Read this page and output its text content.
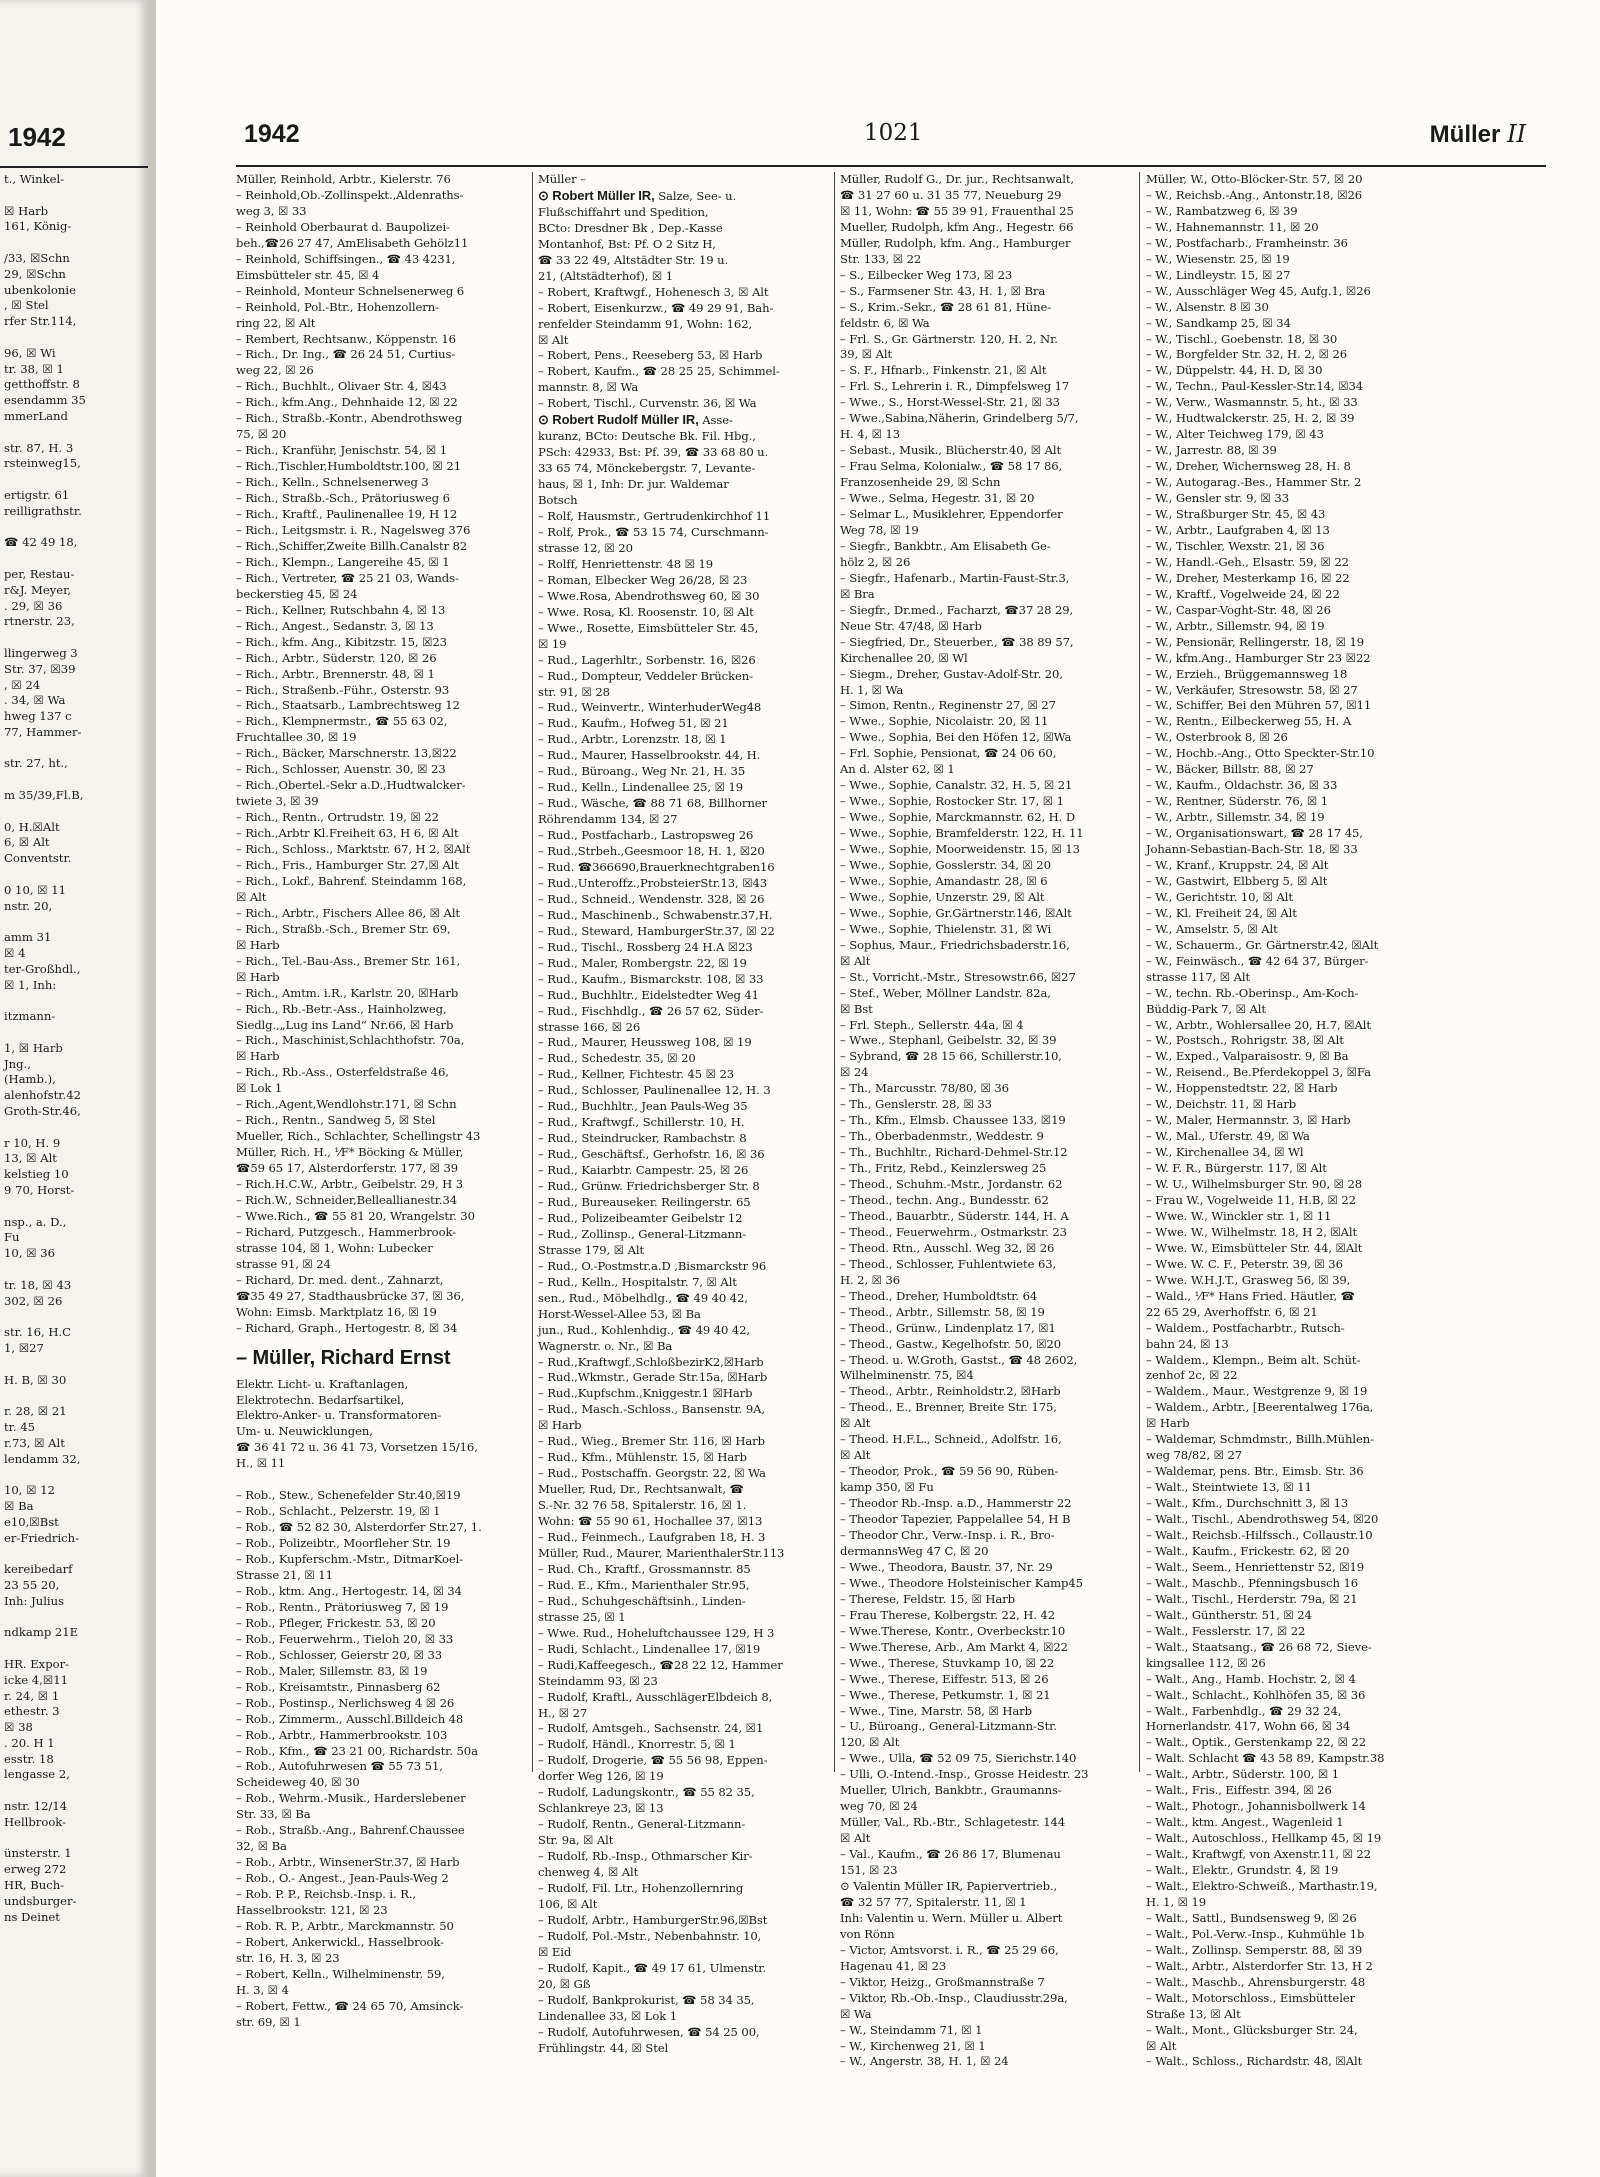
1942
t., Winkel-

☒ Harb
161, König-

/33, ☒Schn
29, ☒Schn
ubenkolonie
, ☒ Stel
rfer Str.114,

96, ☒ Wi
tr. 38, ☒ 1
getthoffstr. 8
esendamm 35
mmerLand

str. 87, H. 3
rsteinweg15,

ertigstr. 61
reilligrathstr.

☎ 42 49 18,

per, Restau-
r&J. Meyer,
. 29, ☒ 36
rtnerstr. 23,

llingerweg 3
Str. 37, ☒39
, ☒ 24
. 34, ☒ Wa
hweg 137 c
77, Hammer-

str. 27, ht.,

m 35/39,Fl.B,

0, H.☒Alt
6, ☒ Alt
Conventstr.

0 10, ☒ 11
nstr. 20,

amm 31
☒ 4
ter-Großhdl.,
☒ 1, Inh:

itzmann-

1, ☒ Harb
Jng.,
(Hamb.),
alenhofstr.42
Groth-Str.46,

r 10, H. 9
13, ☒ Alt
kelstieg 10
9 70, Horst-

nsp., a. D.,
Fu
10, ☒ 36

tr. 18, ☒ 43
302, ☒ 26

str. 16, H.C
1, ☒27

H. B, ☒ 30

r. 28, ☒ 21
tr. 45
r.73, ☒ Alt
lendamm 32,

10, ☒ 12
☒ Ba
e10,☒Bst
er-Friedrich-

kereibedarf
23 55 20,
Inh: Julius

ndkamp 21E

HR. Expor-
icke 4,☒11
r. 24, ☒ 1
ethestr. 3
☒ 38
. 20. H 1
esstr. 18
lengasse 2,

nstr. 12/14
Hellbrook-

ünsterstr. 1
erweg 272
HR, Buch-
undsburger-
ns Deinet
1942	1021	Müller II
Müller, Reinhold, Arbtr., Kielerstr. 76
– Reinhold,Ob.-Zollinspekt.,Aldenraths-
weg 3, ☒ 33
– Reinhold Oberbaurat d. Baupolizei-
beh.,☎26 27 47, AmElisabeth Gehölz11
– Reinhold, Schiffsingen., ☎ 43 4231,
Eimsbütteler str. 45, ☒ 4
– Reinhold, Monteur Schnelsenerweg 6
– Reinhold, Pol.-Btr., Hohenzollern-
ring 22, ☒ Alt
– Rembert, Rechtsanw., Köppenstr. 16
– Rich., Dr. Ing., ☎ 26 24 51, Curtius-
weg 22, ☒ 26
– Rich., Buchhlt., Olivaer Str. 4, ☒43
– Rich., kfm.Ang., Dehnhaide 12, ☒ 22
– Rich., Straßb.-Kontr., Abendrothsweg
75, ☒ 20
– Rich., Kranführ, Jenischstr. 54, ☒ 1
– Rich.,Tischler,Humboldtstr.100, ☒ 21
– Rich., Kelln., Schnelsenerweg 3
– Rich., Straßb.-Sch., Prätoriusweg 6
– Rich., Kraftf., Paulinenallee 19, H 12
– Rich., Leitgsmstr. i. R., Nagelsweg 376
– Rich.,Schiffer,Zweite Billh.Canalstr 82
– Rich., Klempn., Langereihe 45, ☒ 1
– Rich., Vertreter, ☎ 25 21 03, Wands-
beckerstieg 45, ☒ 24
– Rich., Kellner, Rutschbahn 4, ☒ 13
– Rich., Angest., Sedanstr. 3, ☒ 13
– Rich., kfm. Ang., Kibitzstr. 15, ☒23
– Rich., Arbtr., Süderstr. 120, ☒ 26
– Rich., Arbtr., Brennerstr. 48, ☒ 1
– Rich., Straßenb.-Führ., Osterstr. 93
– Rich., Staatsarb., Lambrechtsweg 12
– Rich., Klempnermstr., ☎ 55 63 02,
Fruchtallee 30, ☒ 19
– Rich., Bäcker, Marschnerstr. 13,☒22
– Rich., Schlosser, Auenstr. 30, ☒ 23
– Rich.,Obertel.-Sekr a.D.,Hudtwalcker-
twiete 3, ☒ 39
– Rich., Rentn., Ortrudstr. 19, ☒ 22
– Rich.,Arbtr Kl.Freiheit 63, H 6, ☒ Alt
– Rich., Schloss., Marktstr. 67, H 2, ☒Alt
– Rich., Fris., Hamburger Str. 27,☒ Alt
– Rich., Lokf., Bahrenf. Steindamm 168,
☒ Alt
– Rich., Arbtr., Fischers Allee 86, ☒ Alt
– Rich., Straßb.-Sch., Bremer Str. 69,
☒ Harb
– Rich., Tel.-Bau-Ass., Bremer Str. 161,
☒ Harb
– Rich., Amtm. i.R., Karlstr. 20, ☒Harb
– Rich., Rb.-Betr.-Ass., Hainholzweg,
Siedlg.,„Lug ins Land“ Nr.66, ☒ Harb
– Rich., Maschinist,Schlachthofstr. 70a,
☒ Harb
– Rich., Rb.-Ass., Osterfeldstraße 46,
☒ Lok 1
– Rich.,Agent,Wendlohstr.171, ☒ Schn
– Rich., Rentn., Sandweg 5, ☒ Stel
Mueller, Rich., Schlachter, Schellingstr 43
Müller, Rich. H., ⅟F* Böcking & Müller,
☎59 65 17, Alsterdorferstr. 177, ☒ 39
– Rich.H.C.W., Arbtr., Geibelstr. 29, H 3
– Rich.W., Schneider,Belleallianestr.34
– Wwe.Rich., ☎ 55 81 20, Wrangelstr. 30
– Richard, Putzgesch., Hammerbrook-
strasse 104, ☒ 1, Wohn: Lubecker
strasse 91, ☒ 24
– Richard, Dr. med. dent., Zahnarzt,
☎35 49 27, Stadthausbrücke 37, ☒ 36,
Wohn: Eimsb. Marktplatz 16, ☒ 19
– Richard, Graph., Hertogestr. 8, ☒ 34
– Müller, Richard Ernst
Elektr. Licht- u. Kraftanlagen,
Elektrotechn. Bedarfsartikel,
Elektro-Anker- u. Transformatoren-
Um- u. Neuwicklungen,
☎ 36 41 72 u. 36 41 73, Vorsetzen 15/16,
H., ☒ 11

– Rob., Stew., Schenefelder Str.40,☒19
– Rob., Schlacht., Pelzerstr. 19, ☒ 1
– Rob., ☎ 52 82 30, Alsterdorfer Str.27, 1.
– Rob., Polizeibtr., Moorfleher Str. 19
– Rob., Kupferschm.-Mstr., DitmarKoel-
Strasse 21, ☒ 11
– Rob., ktm. Ang., Hertogestr. 14, ☒ 34
– Rob., Rentn., Prätoriusweg 7, ☒ 19
– Rob., Pfleger, Frickestr. 53, ☒ 20
– Rob., Feuerwehrm., Tieloh 20, ☒ 33
– Rob., Schlosser, Geierstr 20, ☒ 33
– Rob., Maler, Sillemstr. 83, ☒ 19
– Rob., Kreisamtstr., Pinnasberg 62
– Rob., Postinsp., Nerlichsweg 4 ☒ 26
– Rob., Zimmerm., Ausschl.Billdeich 48
– Rob., Arbtr., Hammerbrookstr. 103
– Rob., Kfm., ☎ 23 21 00, Richardstr. 50a
– Rob., Autofuhrwesen ☎ 55 73 51,
Scheideweg 40, ☒ 30
– Rob., Wehrm.-Musik., Harderslebener
Str. 33, ☒ Ba
– Rob., Straßb.-Ang., Bahrenf.Chaussee
32, ☒ Ba
– Rob., Arbtr., WinsenerStr.37, ☒ Harb
– Rob., O.- Angest., Jean-Pauls-Weg 2
– Rob. P. P., Reichsb.-Insp. i. R.,
Hasselbrookstr. 121, ☒ 23
– Rob. R. P., Arbtr., Marckmannstr. 50
– Robert, Ankerwickl., Hasselbrook-
str. 16, H. 3, ☒ 23
– Robert, Kelln., Wilhelminenstr. 59,
H. 3, ☒ 4
– Robert, Fettw., ☎ 24 65 70, Amsinck-
str. 69, ☒ 1
Müller –
⊙ Robert Müller IR, Salze, See- u.
Flußschiffahrt und Spedition,
BCto: Dresdner Bk , Dep.-Kasse
Montanhof, Bst: Pf. O 2 Sitz H,
☎ 33 22 49, Altstädter Str. 19 u.
21, (Altstädterhof), ☒ 1
– Robert, Kraftwgf., Hohenesch 3, ☒ Alt
– Robert, Eisenkurzw., ☎ 49 29 91, Bah-
renfelder Steindamm 91, Wohn: 162,
☒ Alt
– Robert, Pens., Reeseberg 53, ☒ Harb
– Robert, Kaufm., ☎ 28 25 25, Schimmel-
mannstr. 8, ☒ Wa
– Robert, Tischl., Curvenstr. 36, ☒ Wa
⊙ Robert Rudolf Müller IR, Asse-
kuranz, BCto: Deutsche Bk. Fil. Hbg.,
PSch: 42933, Bst: Pf. 39, ☎ 33 68 80 u.
33 65 74, Mönckebergstr. 7, Levante-
haus, ☒ 1, Inh: Dr. jur. Waldemar
Botsch
– Rolf, Hausmstr., Gertrudenkirchhof 11
– Rolf, Prok., ☎ 53 15 74, Curschmann-
strasse 12, ☒ 20
– Rolff, Henriettenstr. 48 ☒ 19
– Roman, Elbecker Weg 26/28, ☒ 23
– Wwe.Rosa, Abendrothsweg 60, ☒ 30
– Wwe. Rosa, Kl. Roosenstr. 10, ☒ Alt
– Wwe., Rosette, Eimsbütteler Str. 45,
☒ 19
– Rud., Lagerhltr., Sorbenstr. 16, ☒26
– Rud., Dompteur, Veddeler Brücken-
str. 91, ☒ 28
– Rud., Weinvertr., WinterhuderWeg48
– Rud., Kaufm., Hofweg 51, ☒ 21
– Rud., Arbtr., Lorenzstr. 18, ☒ 1
– Rud., Maurer, Hasselbrookstr. 44, H.
– Rud., Büroang., Weg Nr. 21, H. 35
– Rud., Kelln., Lindenallee 25, ☒ 19
– Rud., Wäsche, ☎ 88 71 68, Billhorner
Röhrendamm 134, ☒ 27
– Rud., Postfacharb., Lastropsweg 26
– Rud.,Strbeh.,Geesmoor 18, H. 1, ☒20
– Rud. ☎366690,Brauerknechtgraben16
– Rud.,Unteroffz.,ProbsteierStr.13, ☒43
– Rud., Schneid., Wendenstr. 328, ☒ 26
– Rud., Maschinenb., Schwabenstr.37,H.
– Rud., Steward, HamburgerStr.37, ☒ 22
– Rud., Tischl., Rossberg 24 H.A ☒23
– Rud., Maler, Rombergstr. 22, ☒ 19
– Rud., Kaufm., Bismarckstr. 108, ☒ 33
– Rud., Buchhltr., Eidelstedter Weg 41
– Rud., Fischhdlg., ☎ 26 57 62, Süder-
strasse 166, ☒ 26
– Rud., Maurer, Heussweg 108, ☒ 19
– Rud., Schedestr. 35, ☒ 20
– Rud., Kellner, Fichtestr. 45 ☒ 23
– Rud., Schlosser, Paulinenallee 12, H. 3
– Rud., Buchhltr., Jean Pauls-Weg 35
– Rud., Kraftwgf., Schillerstr. 10, H.
– Rud., Steindrucker, Rambachstr. 8
– Rud., Geschäftsf., Gerhofstr. 16, ☒ 36
– Rud., Kaiarbtr. Campestr. 25, ☒ 26
– Rud., Grünw. Friedrichsberger Str. 8
– Rud., Bureauseker. Reilingerstr. 65
– Rud., Polizeibeamter Geibelstr 12
– Rud., Zollinsp., General-Litzmann-
Strasse 179, ☒ Alt
– Rud., O.-Postmstr.a.D ,Bismarckstr 96
– Rud., Kelln., Hospitalstr. 7, ☒ Alt
sen., Rud., Möbelhdlg., ☎ 49 40 42,
Horst-Wessel-Allee 53, ☒ Ba
jun., Rud., Kohlenhdig., ☎ 49 40 42,
Wagnerstr. o. Nr., ☒ Ba
– Rud.,Kraftwgf.,SchloßbezirK2,☒Harb
– Rud.,Wkmstr., Gerade Str.15a, ☒Harb
– Rud.,Kupfschm.,Kniggestr.1 ☒Harb
– Rud., Masch.-Schloss., Bansenstr. 9A,
☒ Harb
– Rud., Wieg., Bremer Str. 116, ☒ Harb
– Rud., Kfm., Mühlenstr. 15, ☒ Harb
– Rud., Postschaffn. Georgstr. 22, ☒ Wa
Mueller, Rud, Dr., Rechtsanwalt, ☎
S.-Nr. 32 76 58, Spitalerstr. 16, ☒ 1.
Wohn: ☎ 55 90 61, Hochallee 37, ☒13
– Rud., Feinmech., Laufgraben 18, H. 3
Müller, Rud., Maurer, MarienthalerStr.113
– Rud. Ch., Kraftf., Grossmannstr. 85
– Rud. E., Kfm., Marienthaler Str.95,
– Rud., Schuhgeschäftsinh., Linden-
strasse 25, ☒ 1
– Wwe. Rud., Hoheluftchaussee 129, H 3
– Rudi, Schlacht., Lindenallee 17, ☒19
– Rudi,Kaffeegesch., ☎28 22 12, Hammer
Steindamm 93, ☒ 23
– Rudolf, Kraftl., AusschlägerElbdeich 8,
H., ☒ 27
– Rudolf, Amtsgeh., Sachsenstr. 24, ☒1
– Rudolf, Händl., Knorrestr. 5, ☒ 1
– Rudolf, Drogerie, ☎ 55 56 98, Eppen-
dorfer Weg 126, ☒ 19
– Rudolf, Ladungskontr., ☎ 55 82 35,
Schlankreye 23, ☒ 13
– Rudolf, Rentn., General-Litzmann-
Str. 9a, ☒ Alt
– Rudolf, Rb.-Insp., Othmarscher Kir-
chenweg 4, ☒ Alt
– Rudolf, Fil. Ltr., Hohenzollernring
106, ☒ Alt
– Rudolf, Arbtr., HamburgerStr.96,☒Bst
– Rudolf, Pol.-Mstr., Nebenbahnstr. 10,
☒ Eid
– Rudolf, Kapit., ☎ 49 17 61, Ulmenstr.
20, ☒ Gß
– Rudolf, Bankprokurist, ☎ 58 34 35,
Lindenallee 33, ☒ Lok 1
– Rudolf, Autofuhrwesen, ☎ 54 25 00,
Frühlingstr. 44, ☒ Stel
Müller, Rudolf G., Dr. jur., Rechtsanwalt,
☎ 31 27 60 u. 31 35 77, Neueburg 29
☒ 11, Wohn: ☎ 55 39 91, Frauenthal 25
Mueller, Rudolph, kfm Ang., Hegestr. 66
Müller, Rudolph, kfm. Ang., Hamburger
Str. 133, ☒ 22
– S., Eilbecker Weg 173, ☒ 23
– S., Farmsener Str. 43, H. 1, ☒ Bra
– S., Krim.-Sekr., ☎ 28 61 81, Hüne-
feldstr. 6, ☒ Wa
– Frl. S., Gr. Gärtnerstr. 120, H. 2, Nr.
39, ☒ Alt
– S. F., Hfnarb., Finkenstr. 21, ☒ Alt
– Frl. S., Lehrerin i. R., Dimpfelsweg 17
– Wwe., S., Horst-Wessel-Str. 21, ☒ 33
– Wwe.,Sabina,Näherin, Grindelberg 5/7,
H. 4, ☒ 13
– Sebast., Musik., Blücherstr.40, ☒ Alt
– Frau Selma, Kolonialw., ☎ 58 17 86,
Franzosenheide 29, ☒ Schn
– Wwe., Selma, Hegestr. 31, ☒ 20
– Selmar L., Musiklehrer, Eppendorfer
Weg 78, ☒ 19
– Siegfr., Bankbtr., Am Elisabeth Ge-
hölz 2, ☒ 26
– Siegfr., Hafenarb., Martin-Faust-Str.3,
☒ Bra
– Siegfr., Dr.med., Facharzt, ☎37 28 29,
Neue Str. 47/48, ☒ Harb
– Siegfried, Dr., Steuerber., ☎ 38 89 57,
Kirchenallee 20, ☒ Wl
– Siegm., Dreher, Gustav-Adolf-Str. 20,
H. 1, ☒ Wa
– Simon, Rentn., Reginenstr 27, ☒ 27
– Wwe., Sophie, Nicolaistr. 20, ☒ 11
– Wwe., Sophia, Bei den Höfen 12, ☒Wa
– Frl. Sophie, Pensionat, ☎ 24 06 60,
An d. Alster 62, ☒ 1
– Wwe., Sophie, Canalstr. 32, H. 5, ☒ 21
– Wwe., Sophie, Rostocker Str. 17, ☒ 1
– Wwe., Sophie, Marckmannstr. 62, H. D
– Wwe., Sophie, Bramfelderstr. 122, H. 11
– Wwe., Sophie, Moorweidenstr. 15, ☒ 13
– Wwe., Sophie, Gosslerstr. 34, ☒ 20
– Wwe., Sophie, Amandastr. 28, ☒ 6
– Wwe., Sophie, Unzerstr. 29, ☒ Alt
– Wwe., Sophie, Gr.Gärtnerstr.146, ☒Alt
– Wwe., Sophie, Thielenstr. 31, ☒ Wi
– Sophus, Maur., Friedrichsbaderstr.16,
☒ Alt
– St., Vorricht.-Mstr., Stresowstr.66, ☒27
– Stef., Weber, Möllner Landstr. 82a,
☒ Bst
– Frl. Steph., Sellerstr. 44a, ☒ 4
– Wwe., Stephanl, Geibelstr. 32, ☒ 39
– Sybrand, ☎ 28 15 66, Schillerstr.10,
☒ 24
– Th., Marcusstr. 78/80, ☒ 36
– Th., Genslerstr. 28, ☒ 33
– Th., Kfm., Elmsb. Chaussee 133, ☒19
– Th., Oberbadenmstr., Weddestr. 9
– Th., Buchhltr., Richard-Dehmel-Str.12
– Th., Fritz, Rebd., Keinzlersweg 25
– Theod., Schuhm.-Mstr., Jordanstr. 62
– Theod., techn. Ang., Bundesstr. 62
– Theod., Bauarbtr., Süderstr. 144, H. A
– Theod., Feuerwehrm., Ostmarkstr. 23
– Theod. Rtn., Ausschl. Weg 32, ☒ 26
– Theod., Schlosser, Fuhlentwiete 63,
H. 2, ☒ 36
– Theod., Dreher, Humboldtstr. 64
– Theod., Arbtr., Sillemstr. 58, ☒ 19
– Theod., Grünw., Lindenplatz 17, ☒1
– Theod., Gastw., Kegelhofstr. 50, ☒20
– Theod. u. W.Groth, Gastst., ☎ 48 2602,
Wilhelminenstr. 75, ☒4
– Theod., Arbtr., Reinholdstr.2, ☒Harb
– Theod., E., Brenner, Breite Str. 175,
☒ Alt
– Theod. H.F.L., Schneid., Adolfstr. 16,
☒ Alt
– Theodor, Prok., ☎ 59 56 90, Rüben-
kamp 350, ☒ Fu
– Theodor Rb.-Insp. a.D., Hammerstr 22
– Theodor Tapezier, Pappelallee 54, H B
– Theodor Chr., Verw.-Insp. i. R., Bro-
dermannsWeg 47 C, ☒ 20
– Wwe., Theodora, Baustr. 37, Nr. 29
– Wwe., Theodore Holsteinischer Kamp45
– Therese, Feldstr. 15, ☒ Harb
– Frau Therese, Kolbergstr. 22, H. 42
– Wwe.Therese, Kontr., Overbeckstr.10
– Wwe.Therese, Arb., Am Markt 4, ☒22
– Wwe., Therese, Stuvkamp 10, ☒ 22
– Wwe., Therese, Eiffestr. 513, ☒ 26
– Wwe., Therese, Petkumstr. 1, ☒ 21
– Wwe., Tine, Marstr. 58, ☒ Harb
– U., Büroang., General-Litzmann-Str.
120, ☒ Alt
– Wwe., Ulla, ☎ 52 09 75, Sierichstr.140
– Ulli, O.-Intend.-Insp., Grosse Heidestr. 23
Mueller, Ulrich, Bankbtr., Graumanns-
weg 70, ☒ 24
Müller, Val., Rb.-Btr., Schlagetestr. 144
☒ Alt
– Val., Kaufm., ☎ 26 86 17, Blumenau
151, ☒ 23
⊙ Valentin Müller IR, Papiervertrieb.,
☎ 32 57 77, Spitalerstr. 11, ☒ 1
Inh: Valentin u. Wern. Müller u. Albert
von Rönn
– Victor, Amtsvorst. i. R., ☎ 25 29 66,
Hagenau 41, ☒ 23
– Viktor, Heizg., Großmannstraße 7
– Viktor, Rb.-Ob.-Insp., Claudiusstr.29a,
☒ Wa
– W., Steindamm 71, ☒ 1
– W., Kirchenweg 21, ☒ 1
– W., Angerstr. 38, H. 1, ☒ 24
Müller, W., Otto-Blöcker-Str. 57, ☒ 20
– W., Reichsb.-Ang., Antonstr.18, ☒26
– W., Rambatzweg 6, ☒ 39
– W., Hahnemannstr. 11, ☒ 20
– W., Postfacharb., Framheinstr. 36
– W., Wiesenstr. 25, ☒ 19
– W., Lindleystr. 15, ☒ 27
– W., Ausschläger Weg 45, Aufg.1, ☒26
– W., Alsenstr. 8 ☒ 30
– W., Sandkamp 25, ☒ 34
– W., Tischl., Goebenstr. 18, ☒ 30
– W., Borgfelder Str. 32, H. 2, ☒ 26
– W., Düppelstr. 44, H. D, ☒ 30
– W., Techn., Paul-Kessler-Str.14, ☒34
– W., Verw., Wasmannstr. 5, ht., ☒ 33
– W., Hudtwalckerstr. 25, H. 2, ☒ 39
– W., Alter Teichweg 179, ☒ 43
– W., Jarrestr. 88, ☒ 39
– W., Dreher, Wichernsweg 28, H. 8
– W., Autogarag.-Bes., Hammer Str. 2
– W., Gensler str. 9, ☒ 33
– W., Straßburger Str. 45, ☒ 43
– W., Arbtr., Laufgraben 4, ☒ 13
– W., Tischler, Wexstr. 21, ☒ 36
– W., Handl.-Geh., Elsastr. 59, ☒ 22
– W., Dreher, Mesterkamp 16, ☒ 22
– W., Kraftf., Vogelweide 24, ☒ 22
– W., Caspar-Voght-Str. 48, ☒ 26
– W., Arbtr., Sillemstr. 94, ☒ 19
– W., Pensionär, Rellingerstr. 18, ☒ 19
– W., kfm.Ang., Hamburger Str 23 ☒22
– W., Erzieh., Brüggemannsweg 18
– W., Verkäufer, Stresowstr. 58, ☒ 27
– W., Schiffer, Bei den Mühren 57, ☒11
– W., Rentn., Eilbeckerweg 55, H. A
– W., Osterbrook 8, ☒ 26
– W., Hochb.-Ang., Otto Speckter-Str.10
– W., Bäcker, Billstr. 88, ☒ 27
– W., Kaufm., Oldachstr. 36, ☒ 33
– W., Rentner, Süderstr. 76, ☒ 1
– W., Arbtr., Sillemstr. 34, ☒ 19
– W., Organisationswart, ☎ 28 17 45,
Johann-Sebastian-Bach-Str. 18, ☒ 33
– W., Kranf., Kruppstr. 24, ☒ Alt
– W., Gastwirt, Elbberg 5, ☒ Alt
– W., Gerichtstr. 10, ☒ Alt
– W., Kl. Freiheit 24, ☒ Alt
– W., Amselstr. 5, ☒ Alt
– W., Schauerm., Gr. Gärtnerstr.42, ☒Alt
– W., Feinwäsch., ☎ 42 64 37, Bürger-
strasse 117, ☒ Alt
– W., techn. Rb.-Oberinsp., Am-Koch-
Büddig-Park 7, ☒ Alt
– W., Arbtr., Wohlersallee 20, H.7, ☒Alt
– W., Postsch., Rohrigstr. 38, ☒ Alt
– W., Exped., Valparaisostr. 9, ☒ Ba
– W., Reisend., Be.Pferdekoppel 3, ☒Fa
– W., Hoppenstedtstr. 22, ☒ Harb
– W., Deichstr. 11, ☒ Harb
– W., Maler, Hermannstr. 3, ☒ Harb
– W., Mal., Uferstr. 49, ☒ Wa
– W., Kirchenallee 34, ☒ Wl
– W. F. R., Bürgerstr. 117, ☒ Alt
– W. U., Wilhelmsburger Str. 90, ☒ 28
– Frau W., Vogelweide 11, H.B, ☒ 22
– Wwe. W., Winckler str. 1, ☒ 11
– Wwe. W., Wilhelmstr. 18, H 2, ☒Alt
– Wwe. W., Eimsbütteler Str. 44, ☒Alt
– Wwe. W. C. F., Peterstr. 39, ☒ 36
– Wwe. W.H.J.T., Grasweg 56, ☒ 39,
– Wald., ⅟F* Hans Fried. Häutler, ☎
22 65 29, Averhoffstr. 6, ☒ 21
– Waldem., Postfacharbtr., Rutsch-
bahn 24, ☒ 13
– Waldem., Klempn., Beim alt. Schüt-
zenhof 2c, ☒ 22
– Waldem., Maur., Westgrenze 9, ☒ 19
– Waldem., Arbtr., [Beerentalweg 176a,
☒ Harb
– Waldemar, Schmdmstr., Billh.Mühlen-
weg 78/82, ☒ 27
– Waldemar, pens. Btr., Eimsb. Str. 36
– Walt., Steintwiete 13, ☒ 11
– Walt., Kfm., Durchschnitt 3, ☒ 13
– Walt., Tischl., Abendrothsweg 54, ☒20
– Walt., Reichsb.-Hilfssch., Collaustr.10
– Walt., Kaufm., Frickestr. 62, ☒ 20
– Walt., Seem., Henriettenstr 52, ☒19
– Walt., Maschb., Pfenningsbusch 16
– Walt., Tischl., Herderstr. 79a, ☒ 21
– Walt., Güntherstr. 51, ☒ 24
– Walt., Fesslerstr. 17, ☒ 22
– Walt., Staatsang., ☎ 26 68 72, Sieve-
kingsallee 112, ☒ 26
– Walt., Ang., Hamb. Hochstr. 2, ☒ 4
– Walt., Schlacht., Kohlhöfen 35, ☒ 36
– Walt., Farbenhdlg., ☎ 29 32 24,
Hornerlandstr. 417, Wohn 66, ☒ 34
– Walt., Optik., Gerstenkamp 22, ☒ 22
– Walt. Schlacht ☎ 43 58 89, Kampstr.38
– Walt., Arbtr., Süderstr. 100, ☒ 1
– Walt., Fris., Eiffestr. 394, ☒ 26
– Walt., Photogr., Johannisbollwerk 14
– Walt., ktm. Angest., Wagenleid 1
– Walt., Autoschloss., Hellkamp 45, ☒ 19
– Walt., Kraftwgf, von Axenstr.11, ☒ 22
– Walt., Elektr., Grundstr. 4, ☒ 19
– Walt., Elektro-Schweiß., Marthastr.19,
H. 1, ☒ 19
– Walt., Sattl., Bundsensweg 9, ☒ 26
– Walt., Pol.-Verw.-Insp., Kuhmühle 1b
– Walt., Zollinsp. Semperstr. 88, ☒ 39
– Walt., Arbtr., Alsterdorfer Str. 13, H 2
– Walt., Maschb., Ahrensburgerstr. 48
– Walt., Motorschloss., Eimsbütteler
Straße 13, ☒ Alt
– Walt., Mont., Glücksburger Str. 24,
☒ Alt
– Walt., Schloss., Richardstr. 48, ☒Alt
